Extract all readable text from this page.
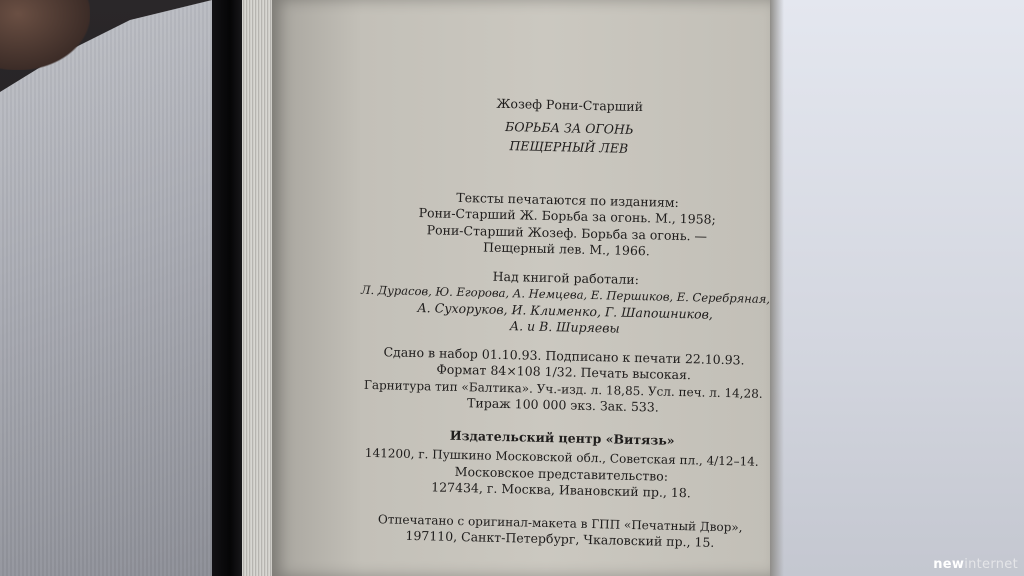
Жозеф Рони-Старший
БОРЬБА ЗА ОГОНЬ
ПЕЩЕРНЫЙ ЛЕВ
Тексты печатаются по изданиям:
Рони-Старший Ж. Борьба за огонь. М., 1958;
Рони-Старший Жозеф. Борьба за огонь. —
Пещерный лев. М., 1966.
Над книгой работали:
Л. Дурасов, Ю. Егорова, А. Немцева, Е. Першиков, Е. Серебряная,
А. Сухоруков, И. Клименко, Г. Шапошников,
А. и В. Ширяевы
Сдано в набор 01.10.93. Подписано к печати 22.10.93.
Формат 84×108 1/32. Печать высокая.
Гарнитура тип «Балтика». Уч.-изд. л. 18,85. Усл. печ. л. 14,28.
Тираж 100 000 экз. Зак. 533.
Издательский центр «Витязь»
141200, г. Пушкино Московской обл., Советская пл., 4/12–14.
Московское представительство:
127434, г. Москва, Ивановский пр., 18.
Отпечатано с оригинал-макета в ГПП «Печатный Двор»,
197110, Санкт-Петербург, Чкаловский пр., 15.
newinternet
